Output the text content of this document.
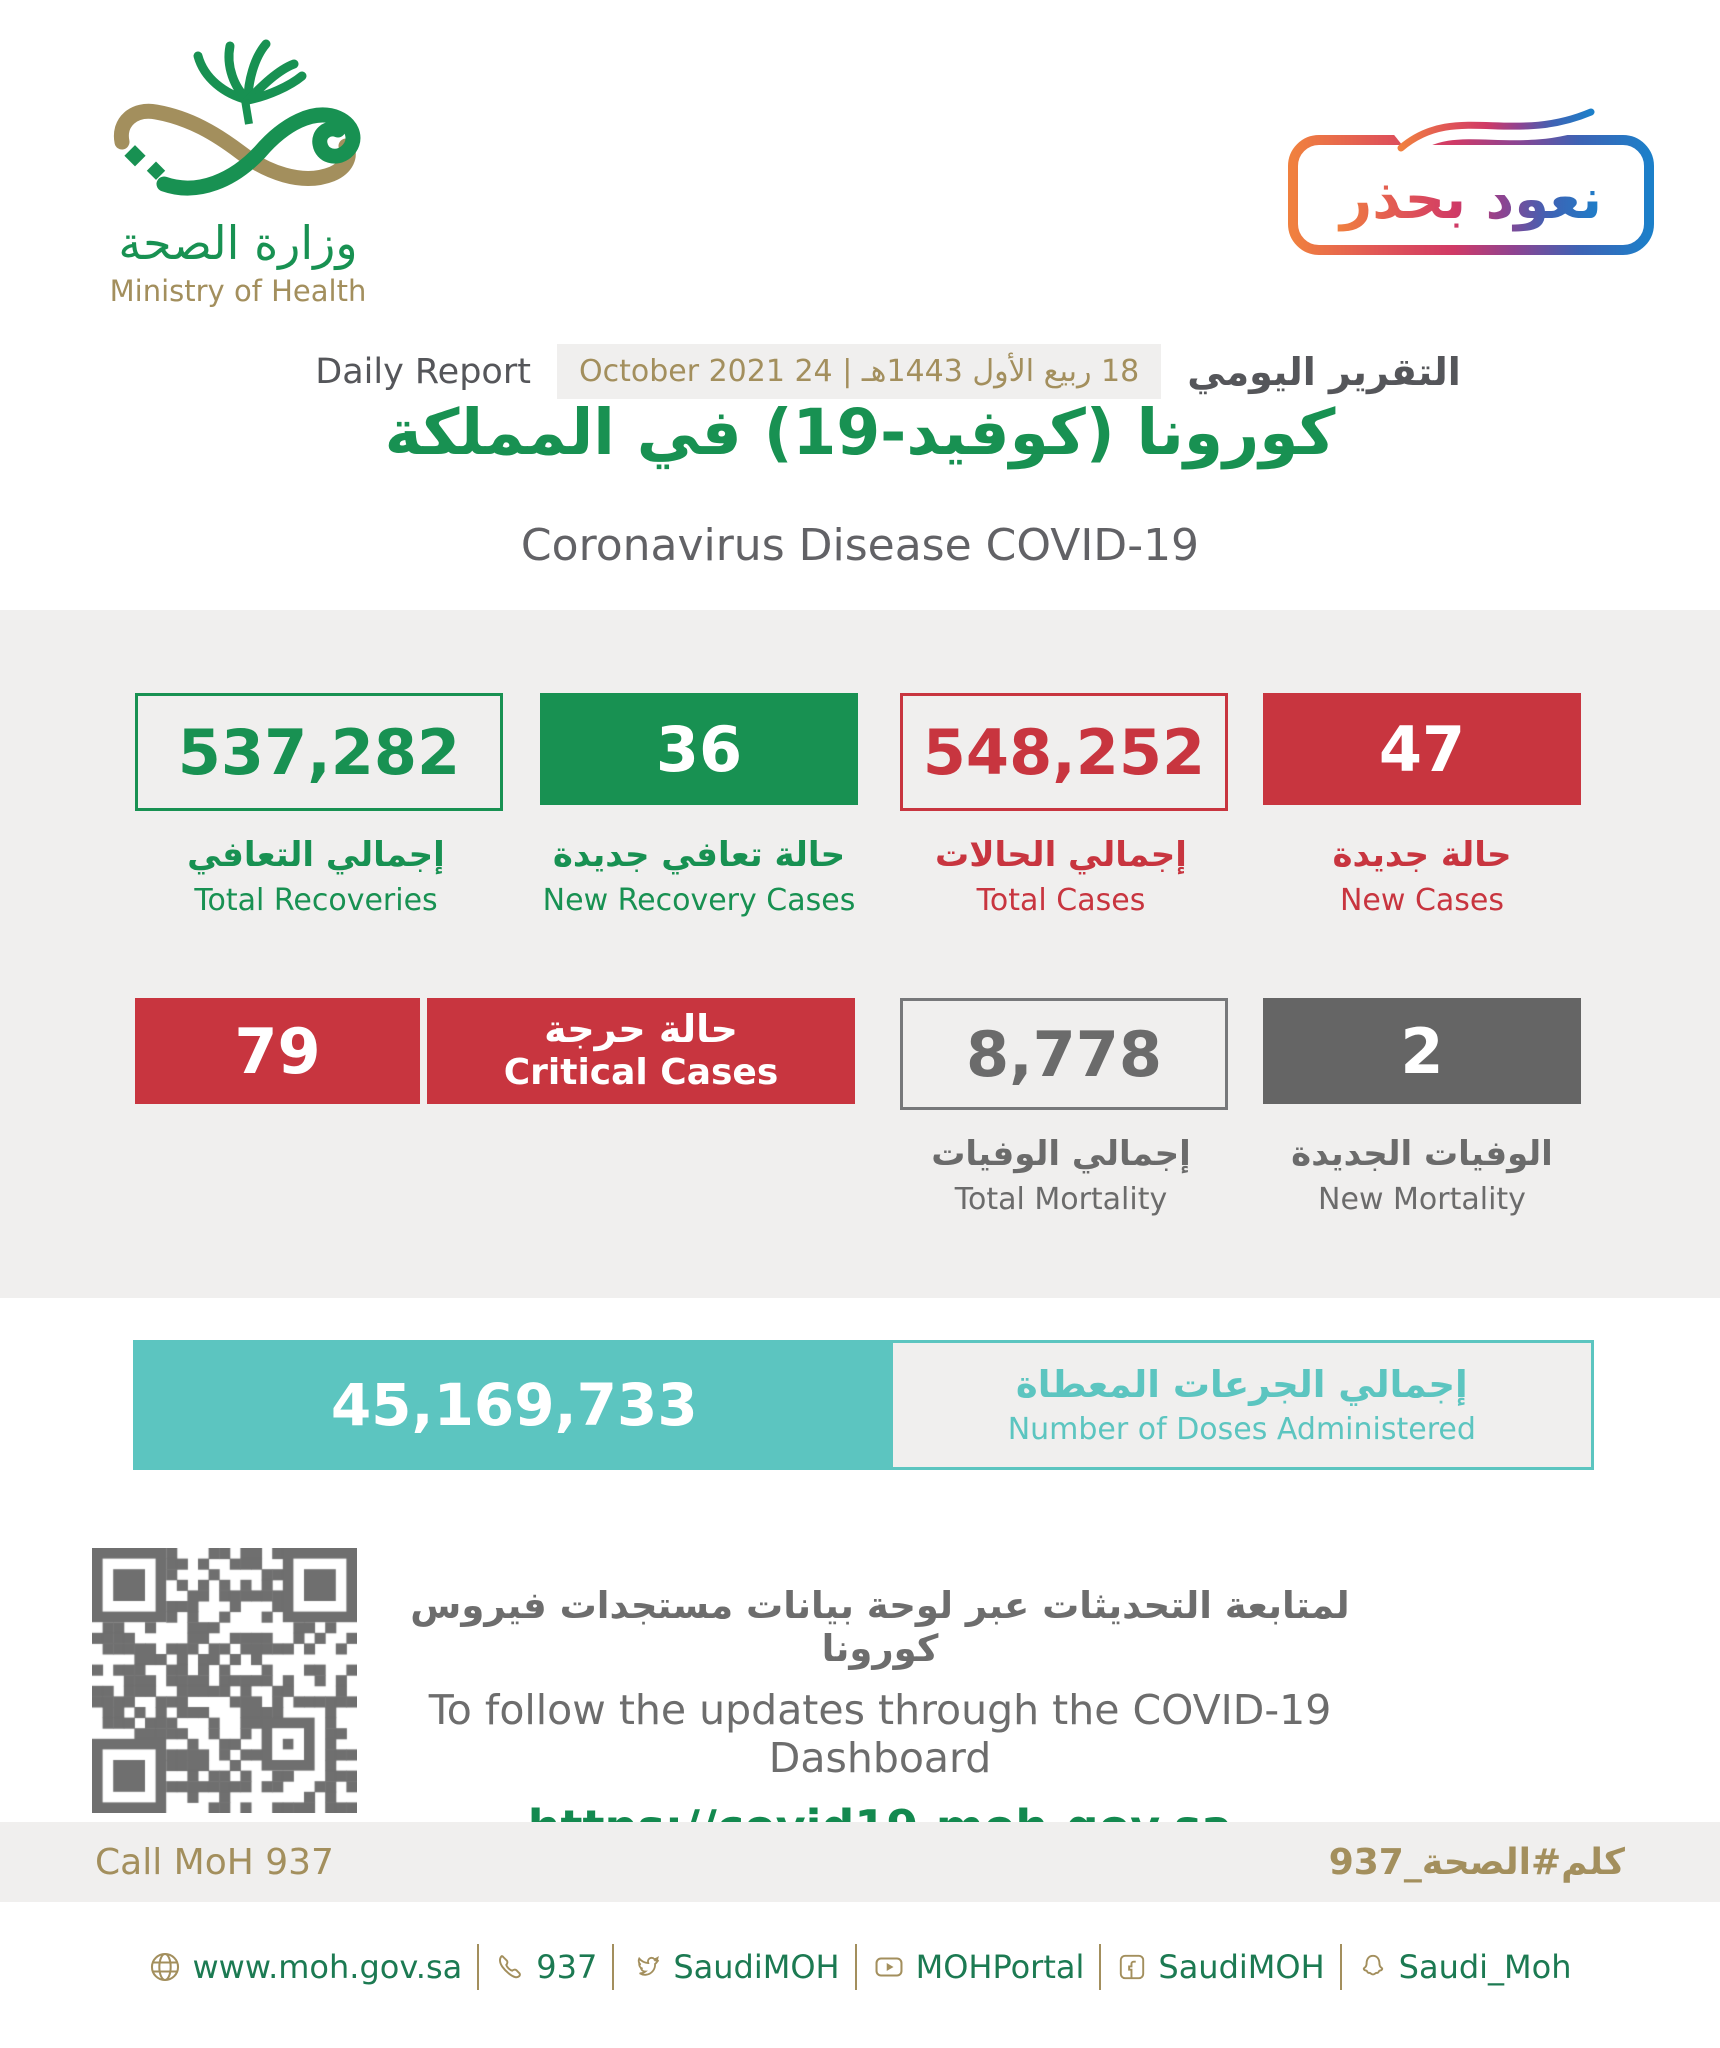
وزارة الصحة
Ministry of Health
نعود بحذر
Daily Report	18 ربيع الأول 1443هـ | 24 October 2021	التقرير اليومي
كورونا (كوفيد-19) في المملكة
Coronavirus Disease COVID-19
537,282	36	548,252	47
إجمالي التعافي
Total Recoveries
حالة تعافي جديدة
New Recovery Cases
إجمالي الحالات
Total Cases
حالة جديدة
New Cases
79	حالة حرجة
Critical Cases	8,778	2
إجمالي الوفيات
Total Mortality
الوفيات الجديدة
New Mortality
45,169,733	إجمالي الجرعات المعطاة
Number of Doses Administered
لمتابعة التحديثات عبر لوحة بيانات مستجدات فيروس كورونا
To follow the updates through the COVID-19 Dashboard
Call MoH 937	كلم#الصحة_937
www.moh.gov.sa 937 SaudiMOH MOHPortal SaudiMOH Saudi_Moh
